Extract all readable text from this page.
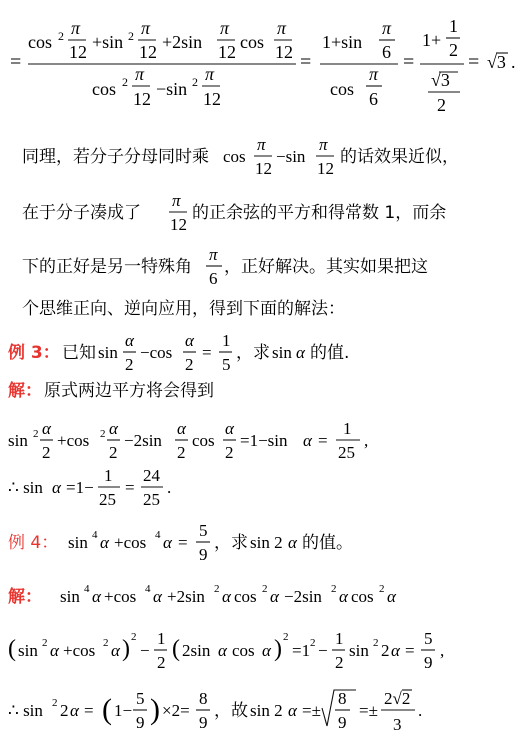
=
cos 2 π
12 +sin 2 π
12 +2sin
π
12 cos
π
12
cos 2 π
12 −sin 2 π
12
=
1+sin
π
6
cos
π
6
=
1+
1
2
√3
2
= √3 .
同理，若分子分母同时乘 cos
π
12
−sin
π
12
的话效果近似，
在于分子凑成了
π
12
的正余弦的平方和得常数 1，而余
下的正好是另一特殊角
π
6
，正好解决。其实如果把这
个思维正向、逆向应用，得到下面的解法：
例 3： 已知 sin
α
2
−cos
α
2
=
1
5
，求 sin α 的值.
解： 原式两边平方将会得到
sin 2 α
2
+cos 2 α
2
−2sin
α
2
cos
α
2
=1−sin α =
1
25
,
∴ sin α =1−
1
25
=
24
25
.
例 4： sin 4 α +cos 4 α =
5
9
，求 sin 2 α 的值。
解： sin 4 α +cos 4 α +2sin 2 α cos 2 α −2sin 2 α cos 2 α
( sin 2 α +cos 2 α ) 2
−
1
2
( 2sin α cos α ) 2
=1 2 −
1
2
sin 2 2 α =
5
9
,
∴ sin 2 2 α = ( 1−
5
9 ) ×2=
8
9
，故 sin 2 α =±
8
9
=±
2√2
3
.
